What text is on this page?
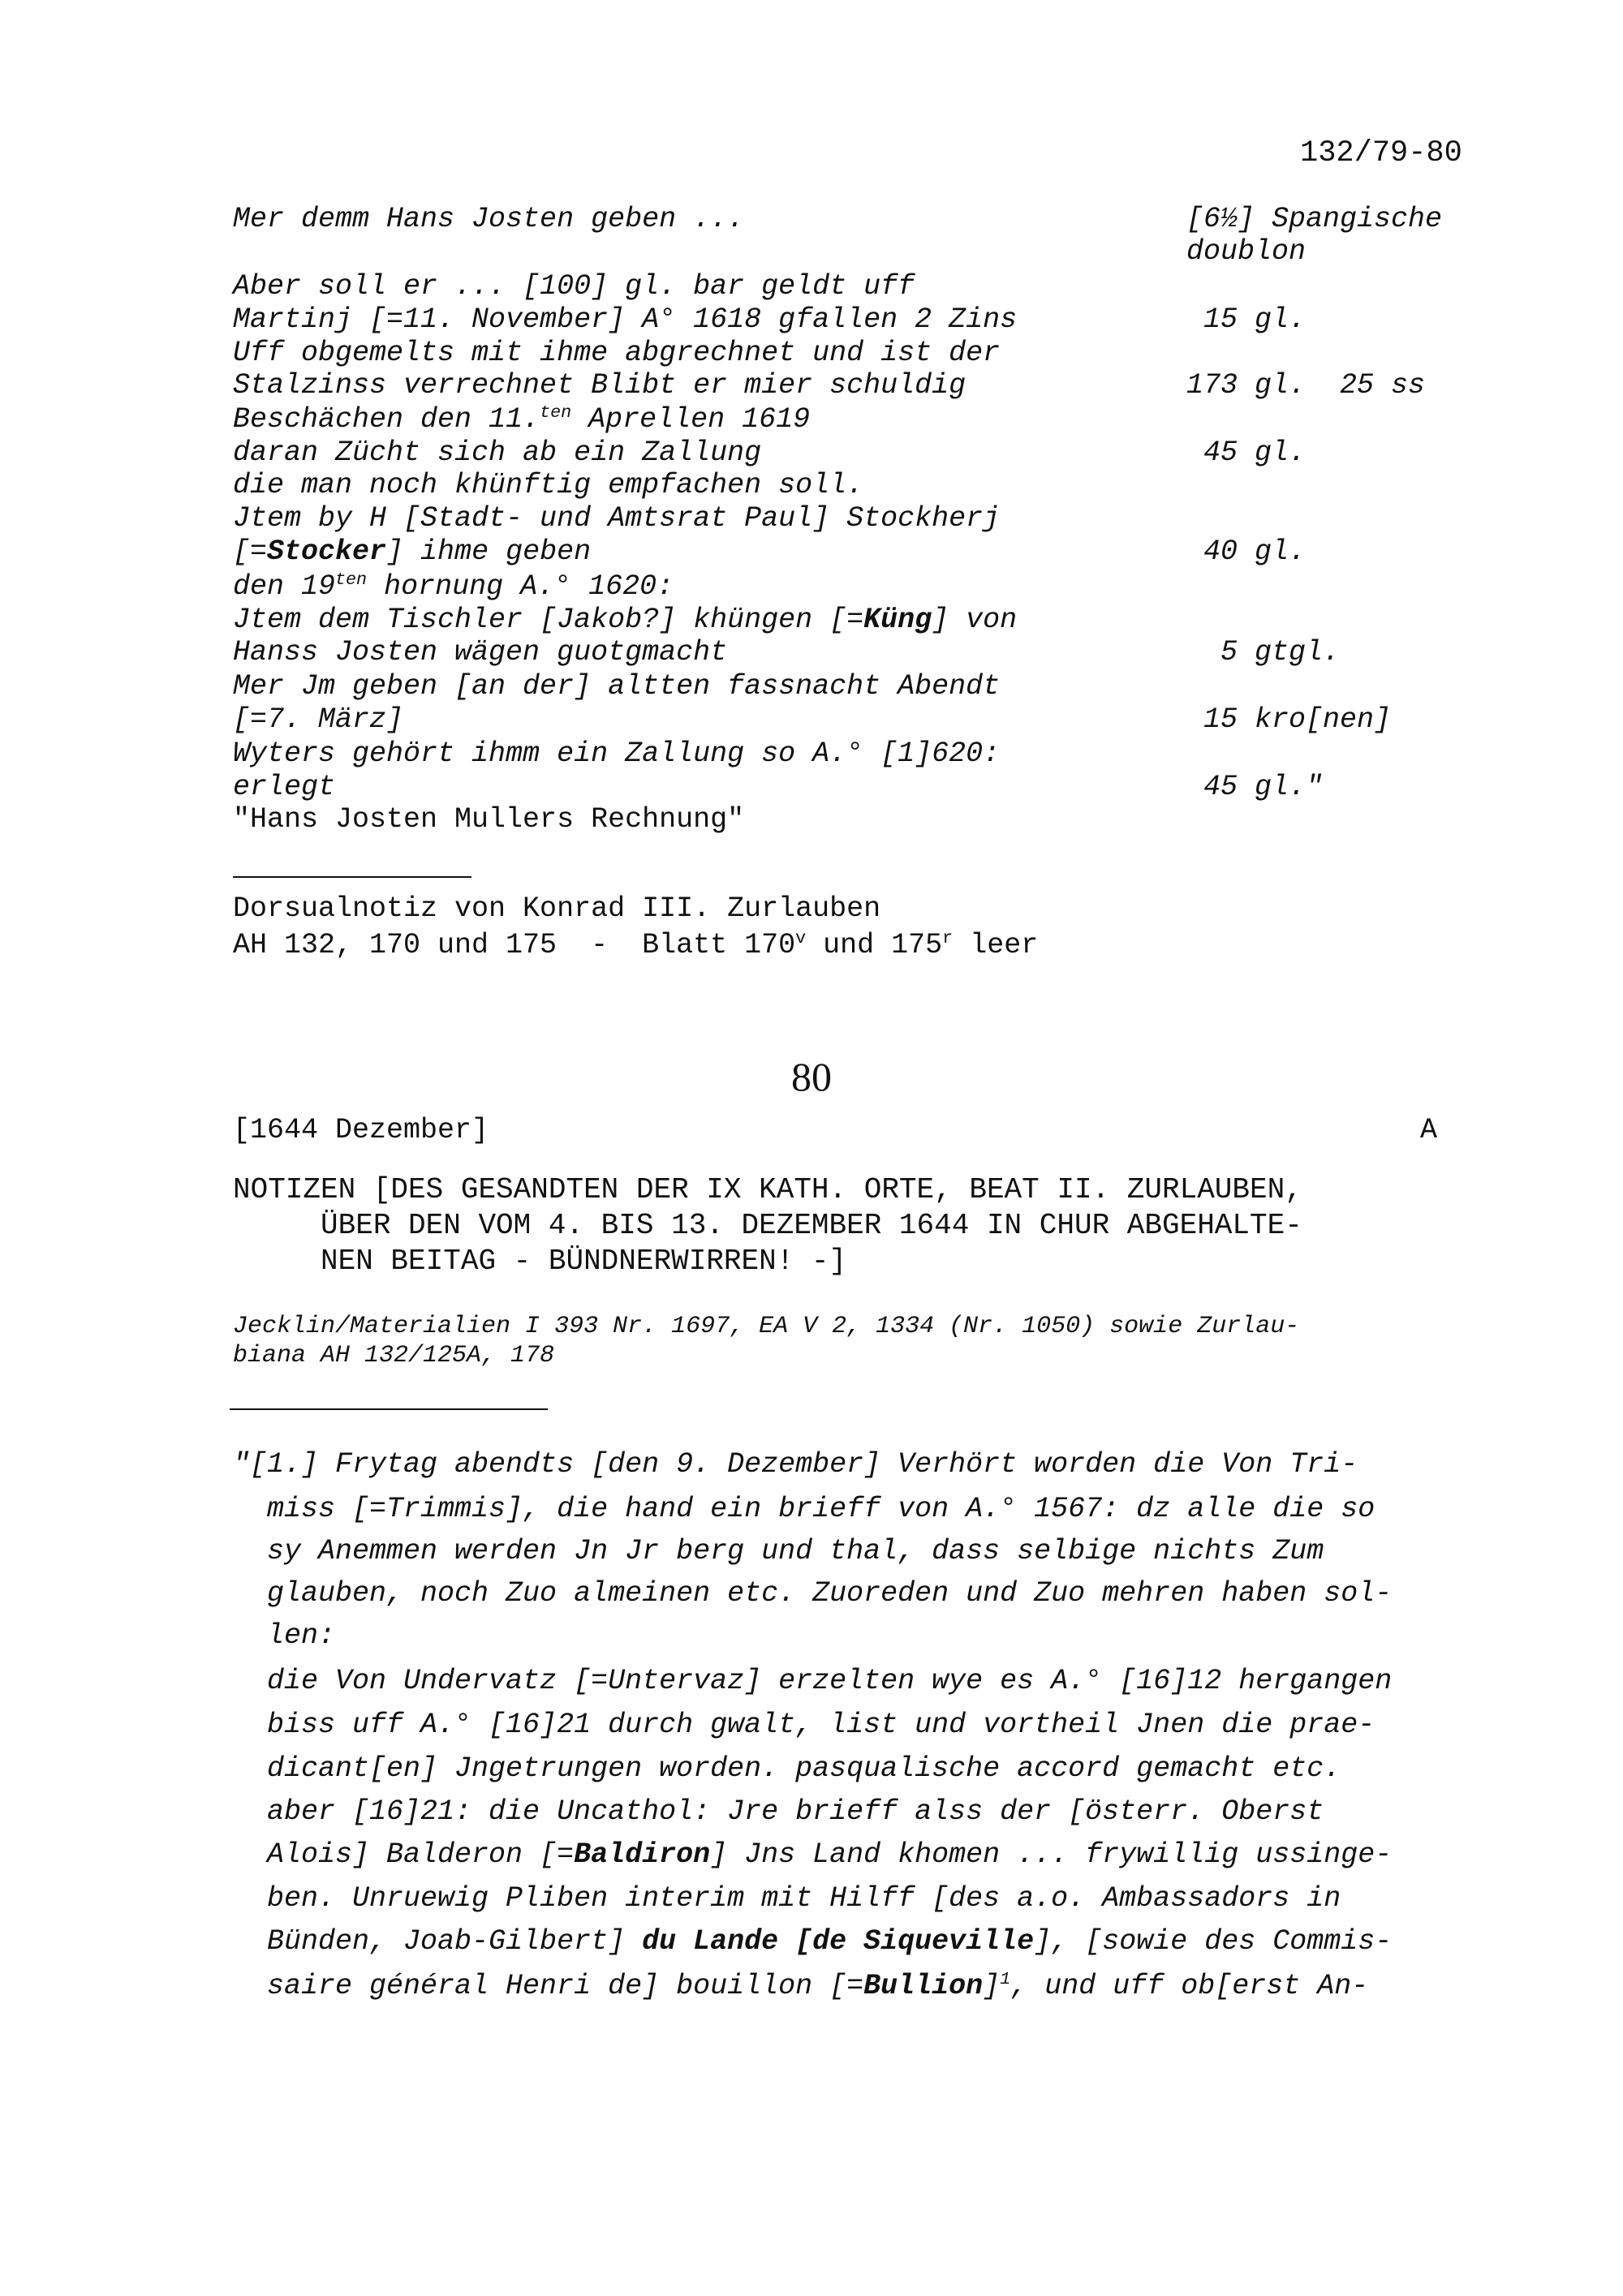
132/79-80
Mer demm Hans Josten geben ...	[6½] Spangische
doublon
Aber soll er ... [100] gl. bar geldt uff
Martinj [=11. November] A° 1618 gfallen 2 Zins	15 gl.
Uff obgemelts mit ihme abgrechnet und ist der
Stalzinss verrechnet Blibt er mier schuldig	173 gl.  25 ss
Beschächen den 11.$^{ten}$ Aprellen 1619
daran Zücht sich ab ein Zallung	45 gl.
die man noch khünftig empfachen soll.
Jtem by H [Stadt- und Amtsrat Paul] Stockherj
[=Stocker] ihme geben	40 gl.
den $19^{ten}$ hornung A.° 1620:
Jtem dem Tischler [Jakob?] khüngen [=Küng] von
Hanss Josten wägen guotgmacht	5 gtgl.
Mer Jm geben [an der] altten fassnacht Abendt
[=7. März]	15 kro[nen]
Wyters gehört ihmm ein Zallung so A.° [1]620:
erlegt	45 gl."
"Hans Josten Mullers Rechnung"
Dorsualnotiz von Konrad III. Zurlauben
AH 132, 170 und 175  -  Blatt 170$^v$ und 175$^r$ leer
80
[1644 Dezember]	A
NOTIZEN [DES GESANDTEN DER IX KATH. ORTE, BEAT II. ZURLAUBEN,
ÜBER DEN VOM 4. BIS 13. DEZEMBER 1644 IN CHUR ABGEHALTE-
NEN BEITAG - BÜNDNERWIRREN! -]
Jecklin/Materialien I 393 Nr. 1697, EA V 2, 1334 (Nr. 1050) sowie Zurlau-
biana AH 132/125A, 178
"[1.] Frytag abendts [den 9. Dezember] Verhört worden die Von Tri-
miss [=Trimmis], die hand ein brieff von A.° 1567: dz alle die so
sy Anemmen werden Jn Jr berg und thal, dass selbige nichts Zum
glauben, noch Zuo almeinen etc. Zuoreden und Zuo mehren haben sol-
len:
die Von Undervatz [=Untervaz] erzelten wye es A.° [16]12 hergangen
biss uff A.° [16]21 durch gwalt, list und vortheil Jnen die prae-
dicant[en] Jngetrungen worden. pasqualische accord gemacht etc.
aber [16]21: die Uncathol: Jre brieff alss der [österr. Oberst
Alois] Balderon [=Baldiron] Jns Land khomen ... frywillig ussinge-
ben. Unruewig Pliben interim mit Hilff [des a.o. Ambassadors in
Bünden, Joab-Gilbert] du Lande [de Siqueville], [sowie des Commis-
saire général Henri de] bouillon [=Bullion]$^1$, und uff ob[erst An-
